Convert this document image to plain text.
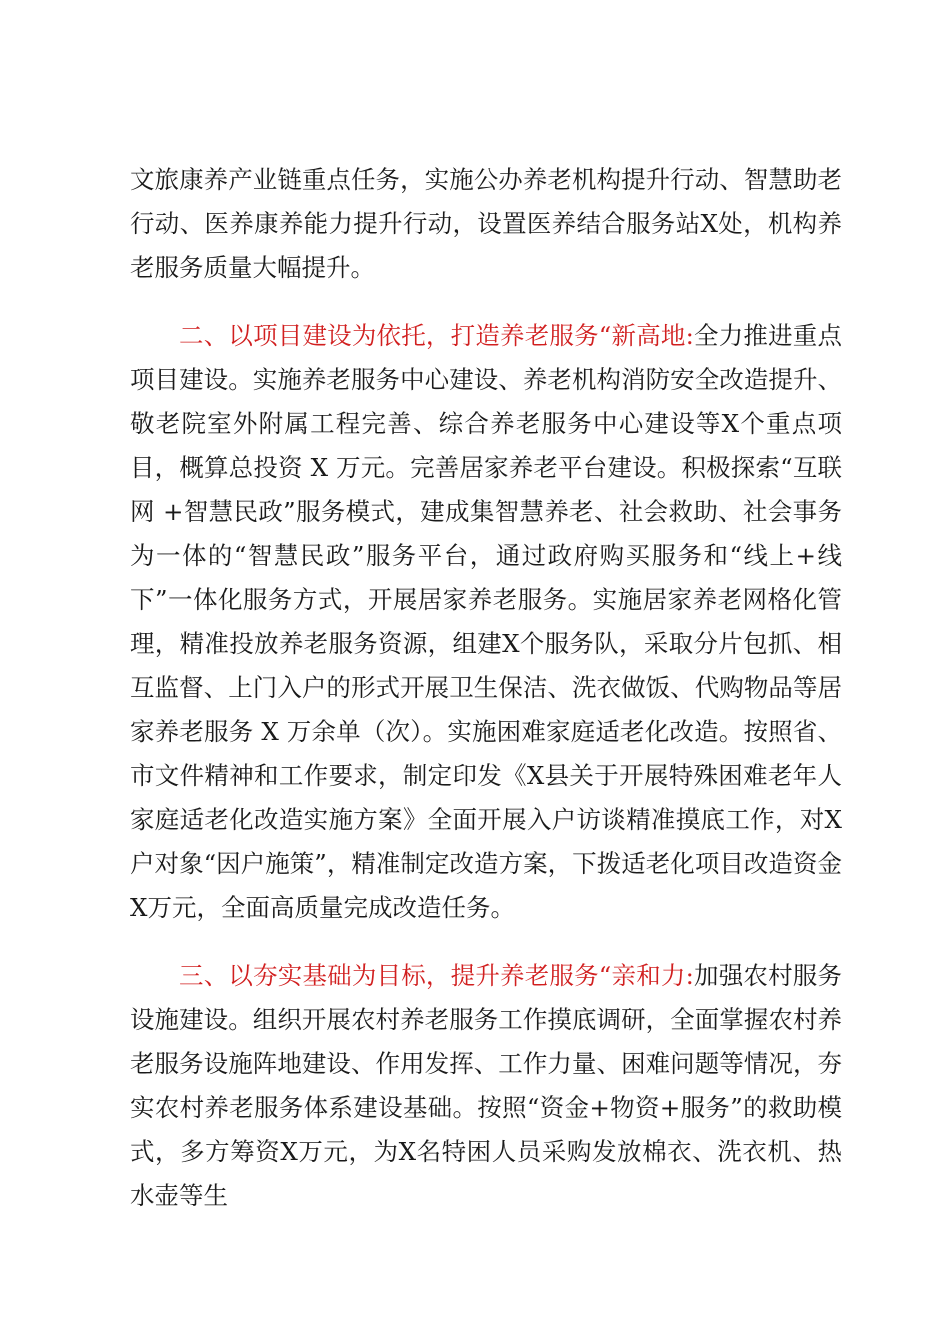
文旅康养产业链重点任务，实施公办养老机构提升行动、智慧助老行动、医养康养能力提升行动，设置医养结合服务站X处，机构养老服务质量大幅提升。

二、以项目建设为依托，打造养老服务“新高地:全力推进重点项目建设。实施养老服务中心建设、养老机构消防安全改造提升、敬老院室外附属工程完善、综合养老服务中心建设等X个重点项目，概算总投资 X 万元。完善居家养老平台建设。积极探索“互联网 +智慧民政”服务模式，建成集智慧养老、社会救助、社会事务为一体的“智慧民政”服务平台，通过政府购买服务和“线上+线下”一体化服务方式，开展居家养老服务。实施居家养老网格化管理，精准投放养老服务资源，组建X个服务队，采取分片包抓、相互监督、上门入户的形式开展卫生保洁、洗衣做饭、代购物品等居家养老服务 X 万余单（次）。实施困难家庭适老化改造。按照省、市文件精神和工作要求，制定印发《X县关于开展特殊困难老年人家庭适老化改造实施方案》全面开展入户访谈精准摸底工作，对X户对象“因户施策”，精准制定改造方案，下拨适老化项目改造资金X万元，全面高质量完成改造任务。

三、以夯实基础为目标，提升养老服务“亲和力:加强农村服务设施建设。组织开展农村养老服务工作摸底调研，全面掌握农村养老服务设施阵地建设、作用发挥、工作力量、困难问题等情况，夯实农村养老服务体系建设基础。按照“资金+物资+服务”的救助模式，多方筹资X万元，为X名特困人员采购发放棉衣、洗衣机、热水壶等生
